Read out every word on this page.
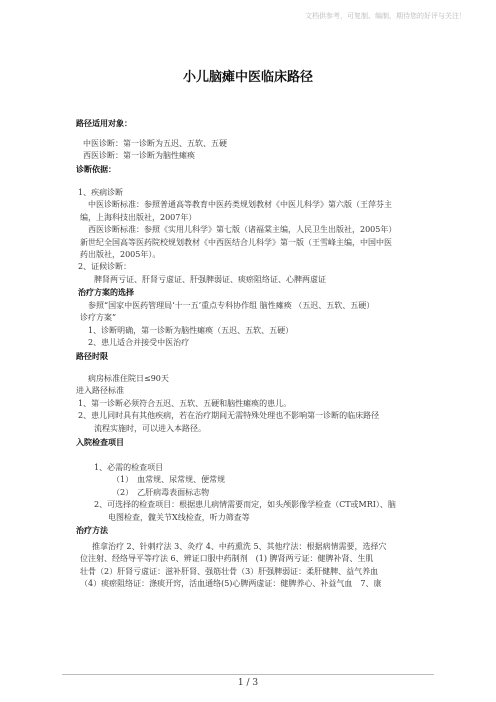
文档供参考，可复制、编制，期待您的好评与关注！
小儿脑瘫中医临床路径
路径适用对象：
中医诊断：第一诊断为五迟、五软、五硬
西医诊断：第一诊断为脑性瘫痪
诊断依据：
1、疾病诊断
中医诊断标准：参照普通高等教育中医药类规划教材《中医儿科学》第六版（王萍芬主
编，上海科技出版社，2007年）
西医诊断标准：参照《实用儿科学》第七版（诸福棠主编，人民卫生出版社，2005年）
新世纪全国高等医药院校规划教材《中西医结合儿科学》第一版（王雪峰主编，中国中医
药出版社，2005年）。
2、证候诊断：
脾肾两亏证、肝肾亏虚证、肝强脾弱证、痰瘀阻络证、心脾两虚证
治疗方案的选择
参照“国家中医药管理局‘十一五’重点专科协作组 脑性瘫痪 （五迟、五软、五硬）
诊疗方案”
1、诊断明确，第一诊断为脑性瘫痪（五迟、五软、五硬）
2、患儿适合并接受中医治疗
路径时限
病房标准住院日≤90天
进入路径标准
1、第一诊断必须符合五迟、五软、五硬和脑性瘫痪的患儿。
2、患儿同时具有其他疾病，若在治疗期间无需特殊处理也不影响第一诊断的临床路径
流程实施时，可以进入本路径。
入院检查项目
1、必需的检查项目
（1）　血常规、尿常规、便常规
（2）　乙肝病毒表面标志物
2、可选择的检查项目：根据患儿病情需要而定，如头颅影像学检查（CT或MRI）、脑
电图检查，髋关节X线检查，听力筛查等
治疗方法
推拿治疗 2、针刺疗法 3、灸疗 4、中药熏洗 5、其他疗法：根据病情需要，选择穴
位注射、经络导平等疗法 6、辨证口服中药制剂　(1) 脾肾两亏证：健脾补肾、生肌
壮骨（2）肝肾亏虚证：滋补肝肾、强筋壮骨（3）肝强脾弱证：柔肝健脾、益气养血
（4）痰瘀阻络证：涤痰开窍，活血通络(5)心脾两虚证：健脾养心、补益气血　7、康
1 / 3
